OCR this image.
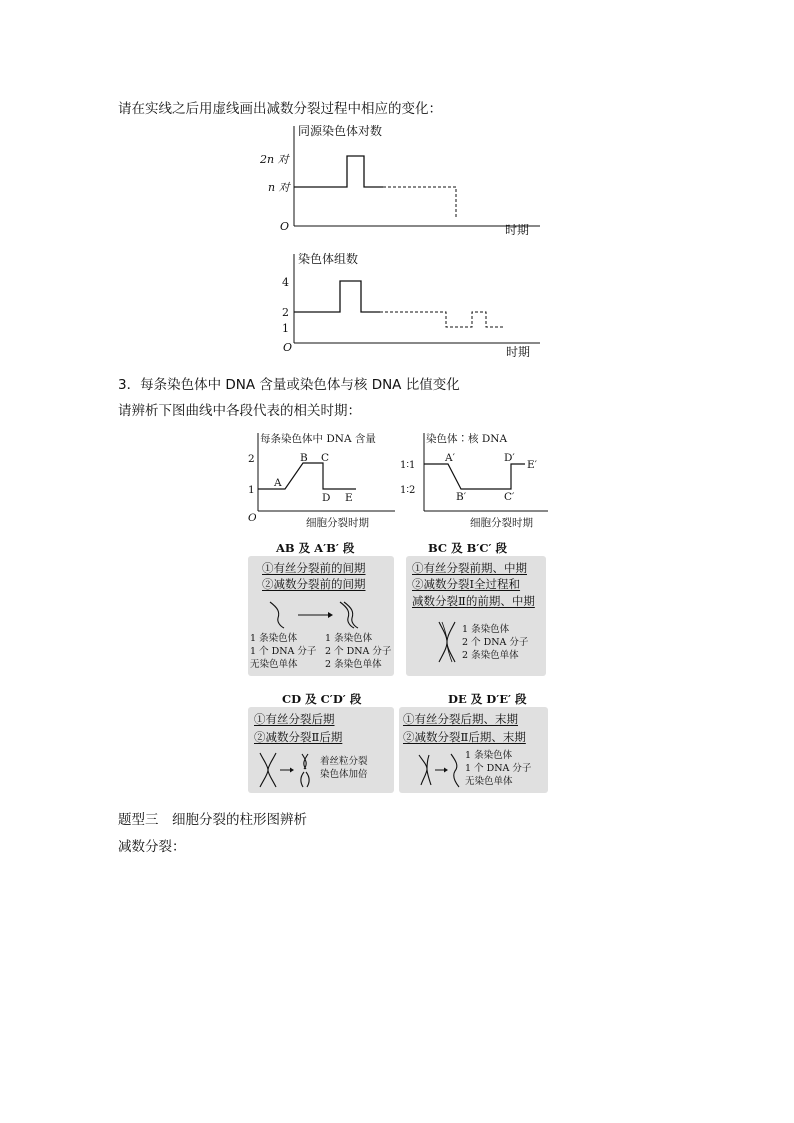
请在实线之后用虚线画出减数分裂过程中相应的变化：
同源染色体对数
2n 对
n 对
O	时期
染色体组数
4
2
1
O	时期
3．每条染色体中 DNA 含量或染色体与核 DNA 比值变化
请辨析下图曲线中各段代表的相关时期：
每条染色体中 DNA 含量
2
1
O	细胞分裂时期
A
B C
D E
染色体∶核 DNA
1∶1
1∶2
细胞分裂时期
A′
B′	C′
D′
E′
AB 及 A′B′ 段	BC 及 B′C′ 段
①有丝分裂前的间期
②减数分裂前的间期
1 条染色体
1 个 DNA 分子
无染色单体
1 条染色体
2 个 DNA 分子
2 条染色单体
①有丝分裂前期、中期
②减数分裂Ⅰ全过程和
减数分裂Ⅱ的前期、中期
1 条染色体
2 个 DNA 分子
2 条染色单体
CD 及 C′D′ 段	DE 及 D′E′ 段
①有丝分裂后期
②减数分裂Ⅱ后期
着丝粒分裂
染色体加倍
①有丝分裂后期、末期
②减数分裂Ⅱ后期、末期
1 条染色体
1 个 DNA 分子
无染色单体
题型三　细胞分裂的柱形图辨析
减数分裂：
